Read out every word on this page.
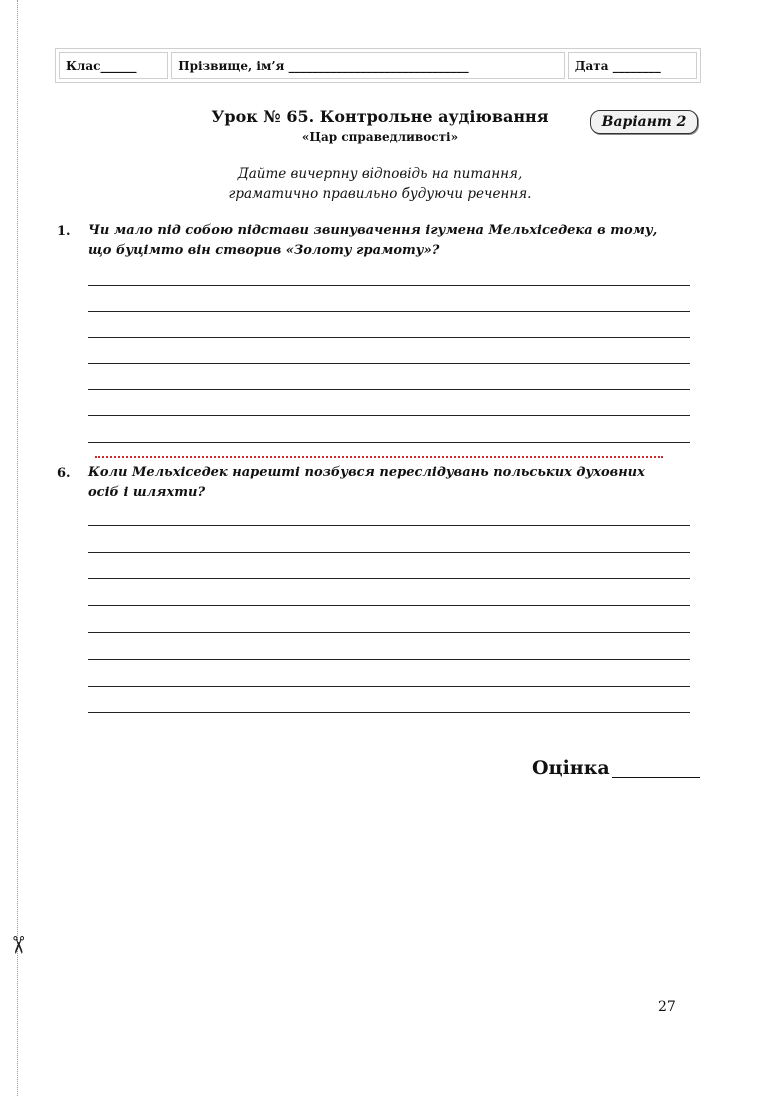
✂
Клас______	Прізвище, ім’я ______________________________	Дата ________
Урок № 65. Контрольне аудіювання
«Цар справедливості»
Варіант 2
Дайте вичерпну відповідь на питання,
граматично правильно будуючи речення.
1. Чи мало під собою підстави звинувачення ігумена Мельхіседека в тому,
що буцімто він створив «Золоту грамоту»?
6. Коли Мельхіседек нарешті позбувся переслідувань польських духовних
осіб і шляхти?
Оцінка
27
